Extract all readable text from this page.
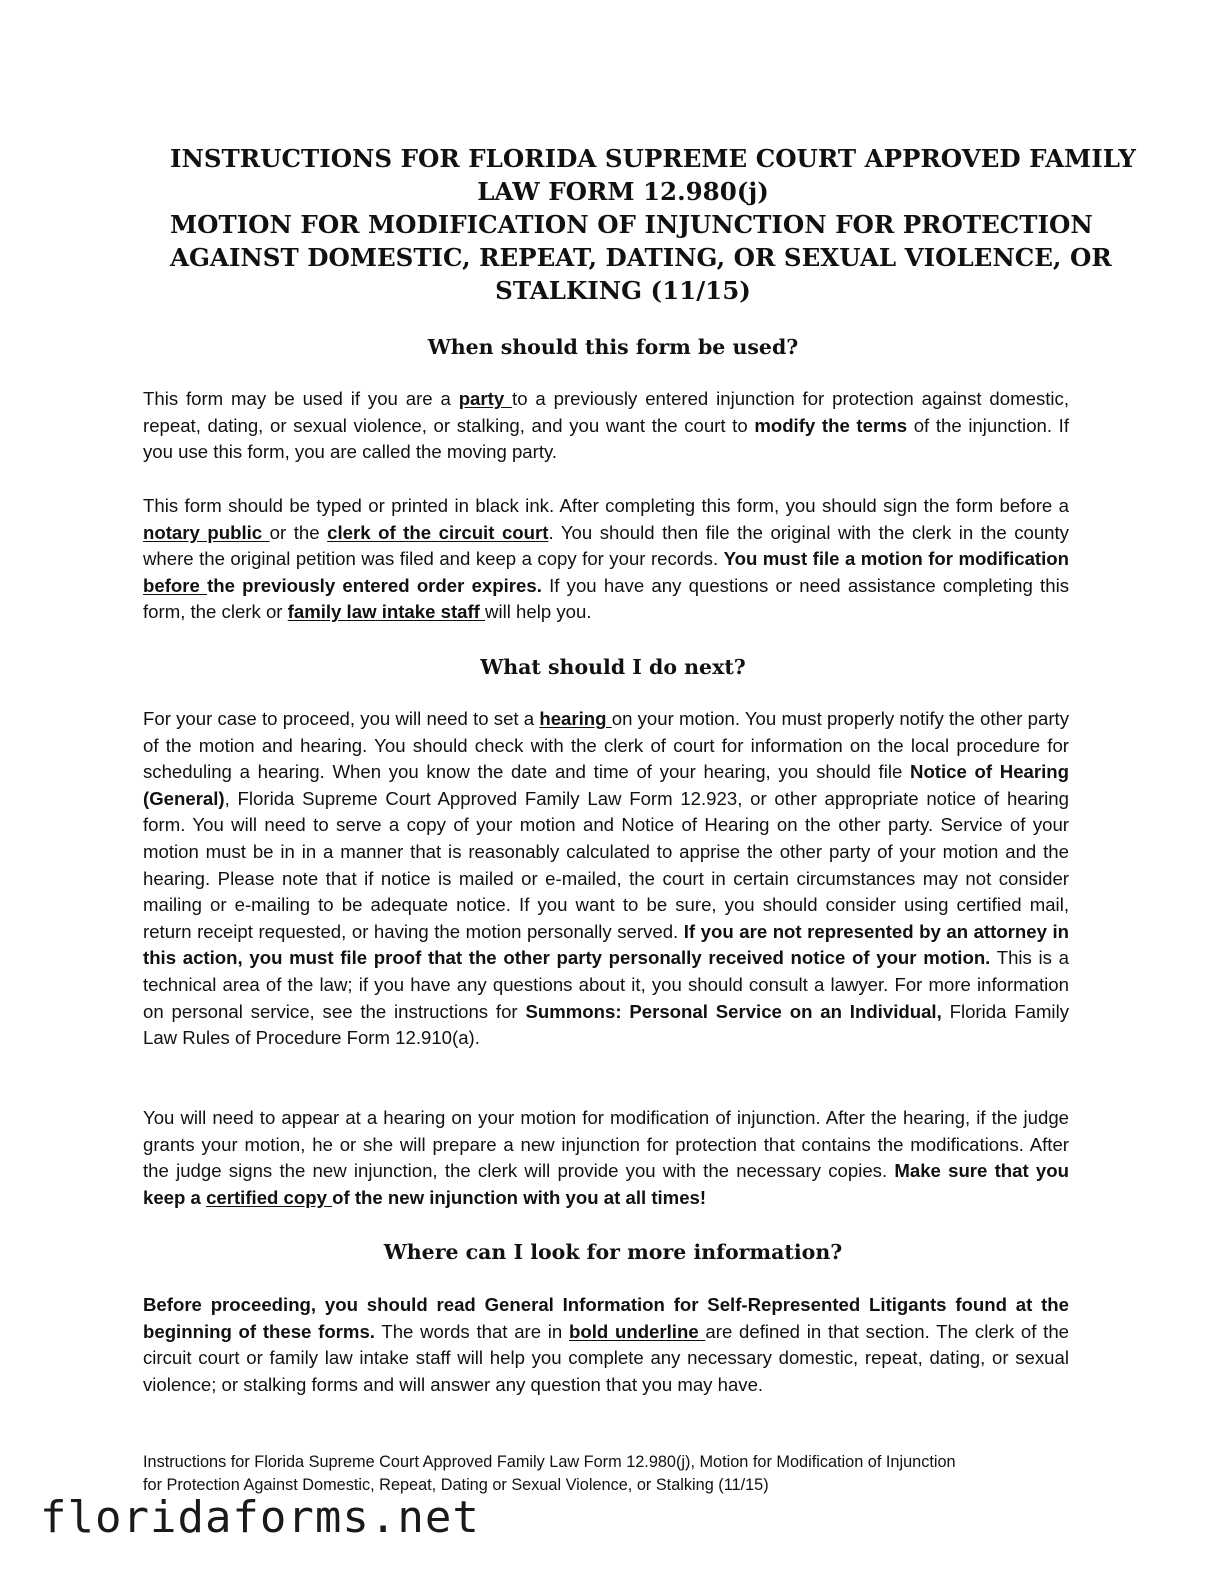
INSTRUCTIONS FOR FLORIDA SUPREME COURT APPROVED FAMILY
LAW FORM 12.980(j)
MOTION FOR MODIFICATION OF INJUNCTION FOR PROTECTION
AGAINST DOMESTIC, REPEAT, DATING, OR SEXUAL VIOLENCE, OR
STALKING (11/15)
When should this form be used?

This form may be used if you are a party to a previously entered injunction for protection against domestic, repeat, dating, or sexual violence, or stalking, and you want the court to modify the terms of the injunction. If you use this form, you are called the moving party.

This form should be typed or printed in black ink. After completing this form, you should sign the form before a notary public or the clerk of the circuit court. You should then file the original with the clerk in the county where the original petition was filed and keep a copy for your records. You must file a motion for modification before the previously entered order expires. If you have any questions or need assistance completing this form, the clerk or family law intake staff will help you.

What should I do next?

For your case to proceed, you will need to set a hearing on your motion. You must properly notify the other party of the motion and hearing. You should check with the clerk of court for information on the local procedure for scheduling a hearing. When you know the date and time of your hearing, you should file Notice of Hearing (General), Florida Supreme Court Approved Family Law Form 12.923, or other appropriate notice of hearing form. You will need to serve a copy of your motion and Notice of Hearing on the other party. Service of your motion must be in in a manner that is reasonably calculated to apprise the other party of your motion and the hearing. Please note that if notice is mailed or e-mailed, the court in certain circumstances may not consider mailing or e-mailing to be adequate notice. If you want to be sure, you should consider using certified mail, return receipt requested, or having the motion personally served. If you are not represented by an attorney in this action, you must file proof that the other party personally received notice of your motion. This is a technical area of the law; if you have any questions about it, you should consult a lawyer. For more information on personal service, see the instructions for Summons: Personal Service on an Individual, Florida Family Law Rules of Procedure Form 12.910(a).

You will need to appear at a hearing on your motion for modification of injunction. After the hearing, if the judge grants your motion, he or she will prepare a new injunction for protection that contains the modifications. After the judge signs the new injunction, the clerk will provide you with the necessary copies. Make sure that you keep a certified copy of the new injunction with you at all times!

Where can I look for more information?

Before proceeding, you should read General Information for Self-Represented Litigants found at the beginning of these forms. The words that are in bold underline are defined in that section. The clerk of the circuit court or family law intake staff will help you complete any necessary domestic, repeat, dating, or sexual violence; or stalking forms and will answer any question that you may have.

Instructions for Florida Supreme Court Approved Family Law Form 12.980(j), Motion for Modification of Injunction
for Protection Against Domestic, Repeat, Dating or Sexual Violence, or Stalking (11/15)
floridaforms.net
